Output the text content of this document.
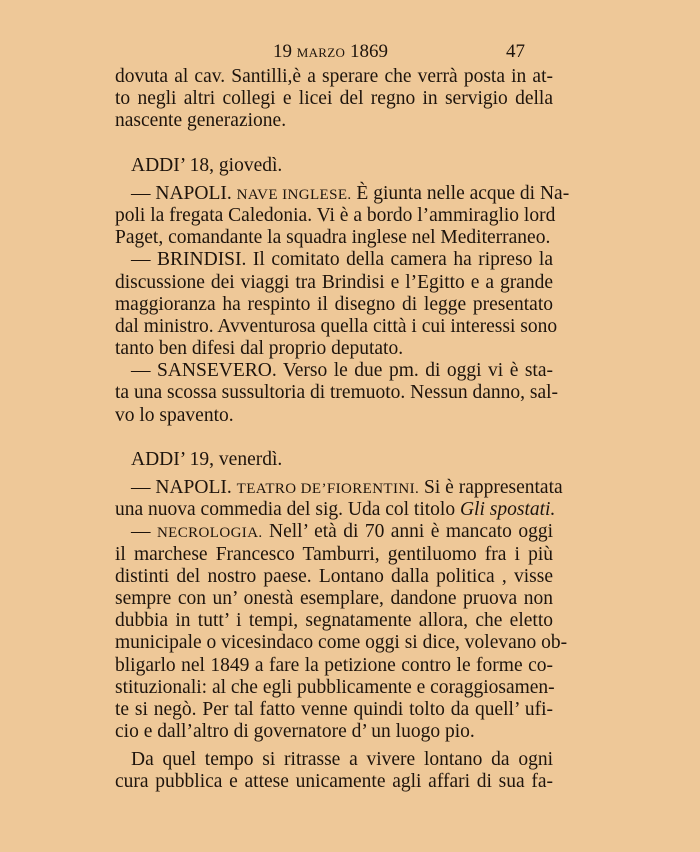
19 MARZO 1869	47
dovuta al cav. Santilli,è a sperare che verrà posta in at-
to negli altri collegi e licei del regno in servigio della
nascente generazione.
ADDI’ 18, giovedì.
— NAPOLI. NAVE INGLESE. È giunta nelle acque di Na-
poli la fregata Caledonia. Vi è a bordo l’ammiraglio lord
Paget, comandante la squadra inglese nel Mediterraneo.
— BRINDISI. Il comitato della camera ha ripreso la
discussione dei viaggi tra Brindisi e l’Egitto e a grande
maggioranza ha respinto il disegno di legge presentato
dal ministro. Avventurosa quella città i cui interessi sono
tanto ben difesi dal proprio deputato.
— SANSEVERO. Verso le due pm. di oggi vi è sta-
ta una scossa sussultoria di tremuoto. Nessun danno, sal-
vo lo spavento.
ADDI’ 19, venerdì.
— NAPOLI. TEATRO DE’FIORENTINI. Si è rappresentata
una nuova commedia del sig. Uda col titolo Gli spostati.
— NECROLOGIA. Nell’ età di 70 anni è mancato oggi
il marchese Francesco Tamburri, gentiluomo fra i più
distinti del nostro paese. Lontano dalla politica , visse
sempre con un’ onestà esemplare, dandone pruova non
dubbia in tutt’ i tempi, segnatamente allora, che eletto
municipale o vicesindaco come oggi si dice, volevano ob-
bligarlo nel 1849 a fare la petizione contro le forme co-
stituzionali: al che egli pubblicamente e coraggiosamen-
te si negò. Per tal fatto venne quindi tolto da quell’ ufi-
cio e dall’altro di governatore d’ un luogo pio.
Da quel tempo si ritrasse a vivere lontano da ogni
cura pubblica e attese unicamente agli affari di sua fa-
